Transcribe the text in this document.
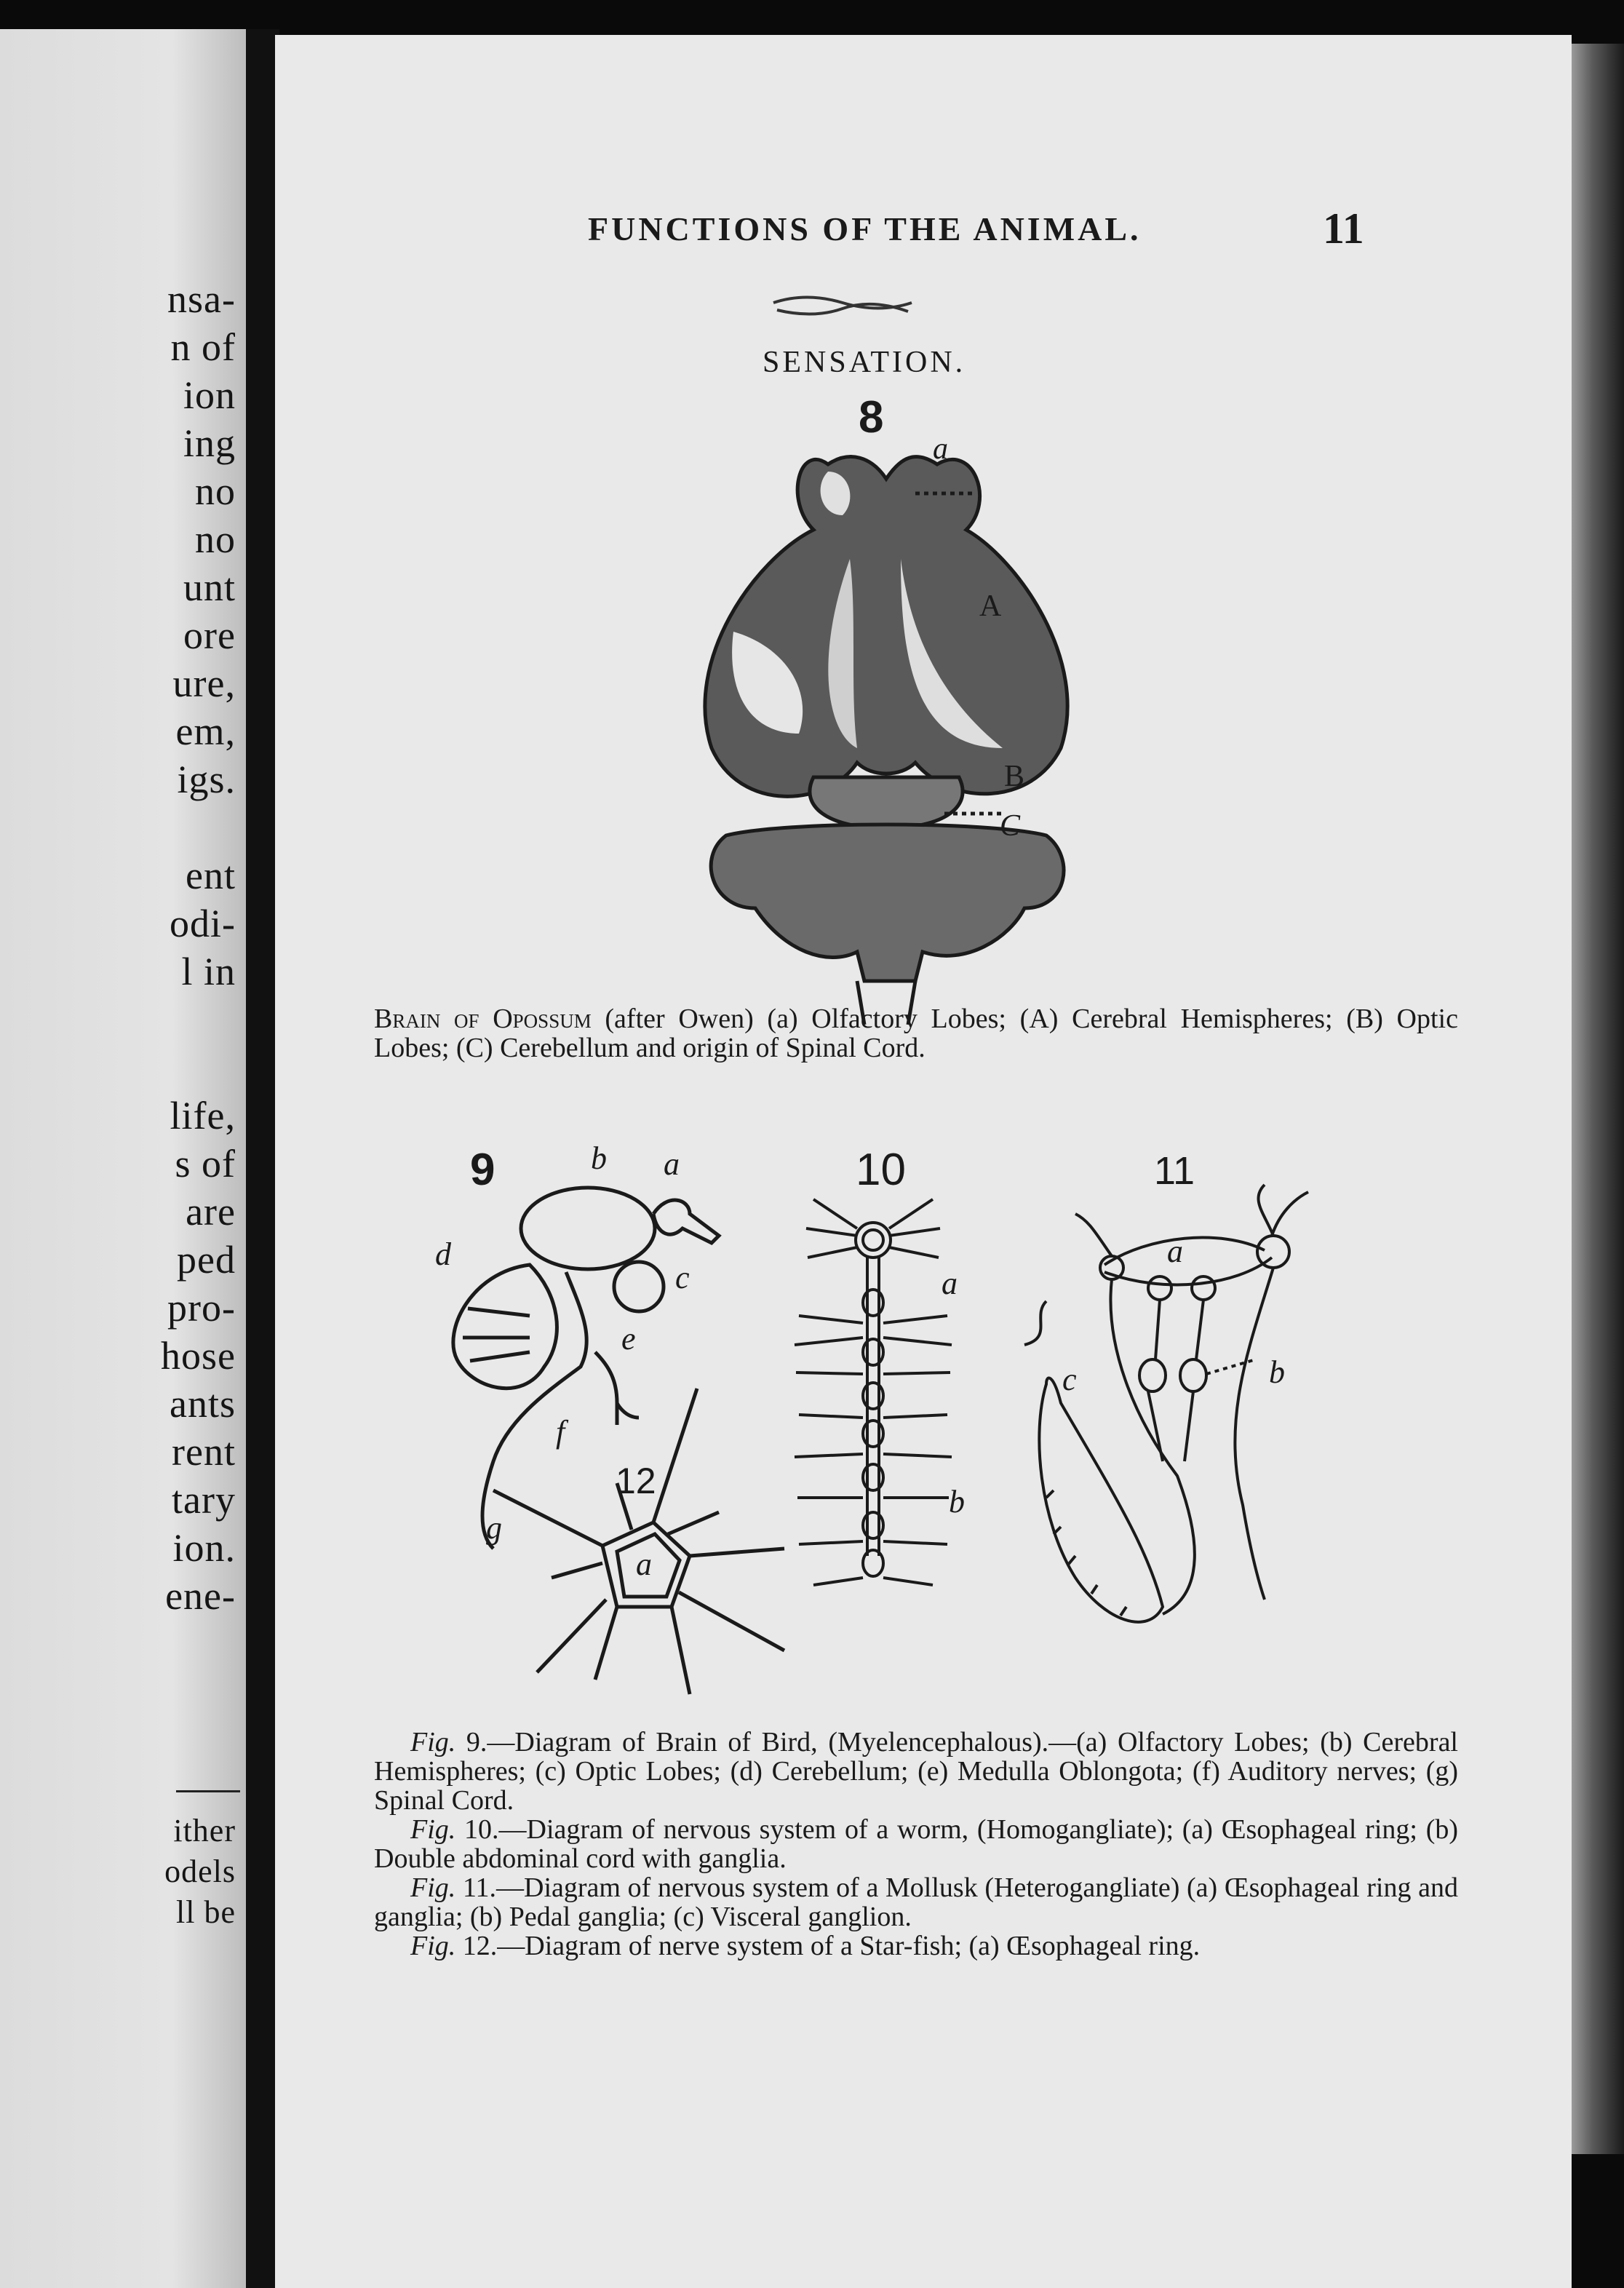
nsa-
n of
ion
ing
no
no
unt
ore
ure,
em,
igs.
ent
odi-
l in
life,
s of
are
ped
pro-
hose
ants
rent
tary
ion.
ene-
ither
odels
ll be
FUNCTIONS OF THE ANIMAL.	11
SENSATION.
8
9	10	11
12
a
A
B
C
b a
c
d
e
f
g
a
b
a
b
c
a

Brain of Opossum (after Owen) (a) Olfactory Lobes; (A) Cerebral Hemispheres; (B) Optic Lobes; (C) Cerebellum and origin of Spinal Cord.

Fig. 9.—Diagram of Brain of Bird, (Myelencephalous).—(a) Olfactory Lobes; (b) Cerebral Hemispheres; (c) Optic Lobes; (d) Cerebellum; (e) Medulla Oblongota; (f) Auditory nerves; (g) Spinal Cord.

Fig. 10.—Diagram of nervous system of a worm, (Homogangliate); (a) Œsophageal ring; (b) Double abdominal cord with ganglia.

Fig. 11.—Diagram of nervous system of a Mollusk (Heterogangliate) (a) Œsophageal ring and ganglia; (b) Pedal ganglia; (c) Visceral ganglion.

Fig. 12.—Diagram of nerve system of a Star-fish; (a) Œsophageal ring.
